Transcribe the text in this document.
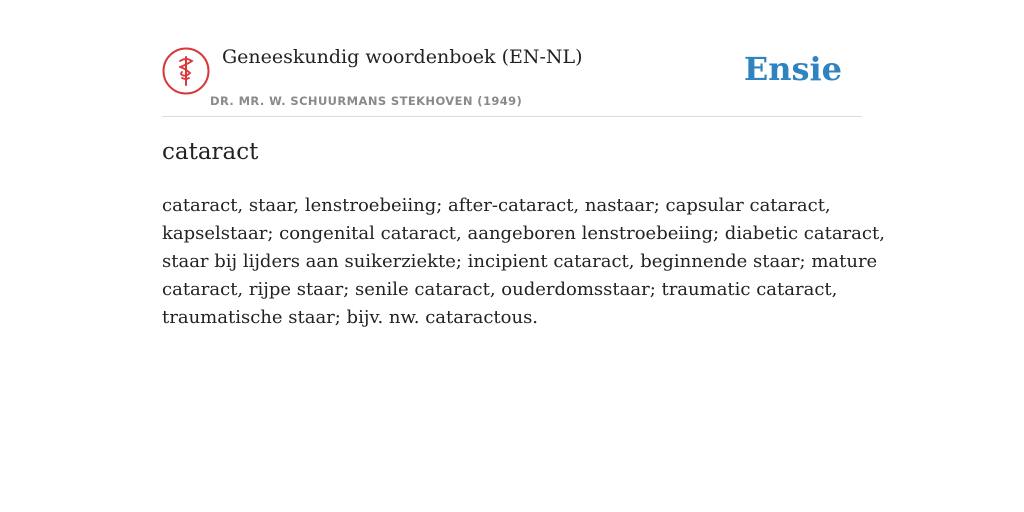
Geneeskundig woordenboek (EN-NL)
DR. MR. W. SCHUURMANS STEKHOVEN (1949)
Ensie
cataract
cataract, staar, lenstroebeiing; after-cataract, nastaar; capsular cataract,
kapselstaar; congenital cataract, aangeboren lenstroebeiing; diabetic cataract,
staar bij lijders aan suikerziekte; incipient cataract, beginnende staar; mature
cataract, rijpe staar; senile cataract, ouderdomsstaar; traumatic cataract,
traumatische staar; bijv. nw. cataractous.
